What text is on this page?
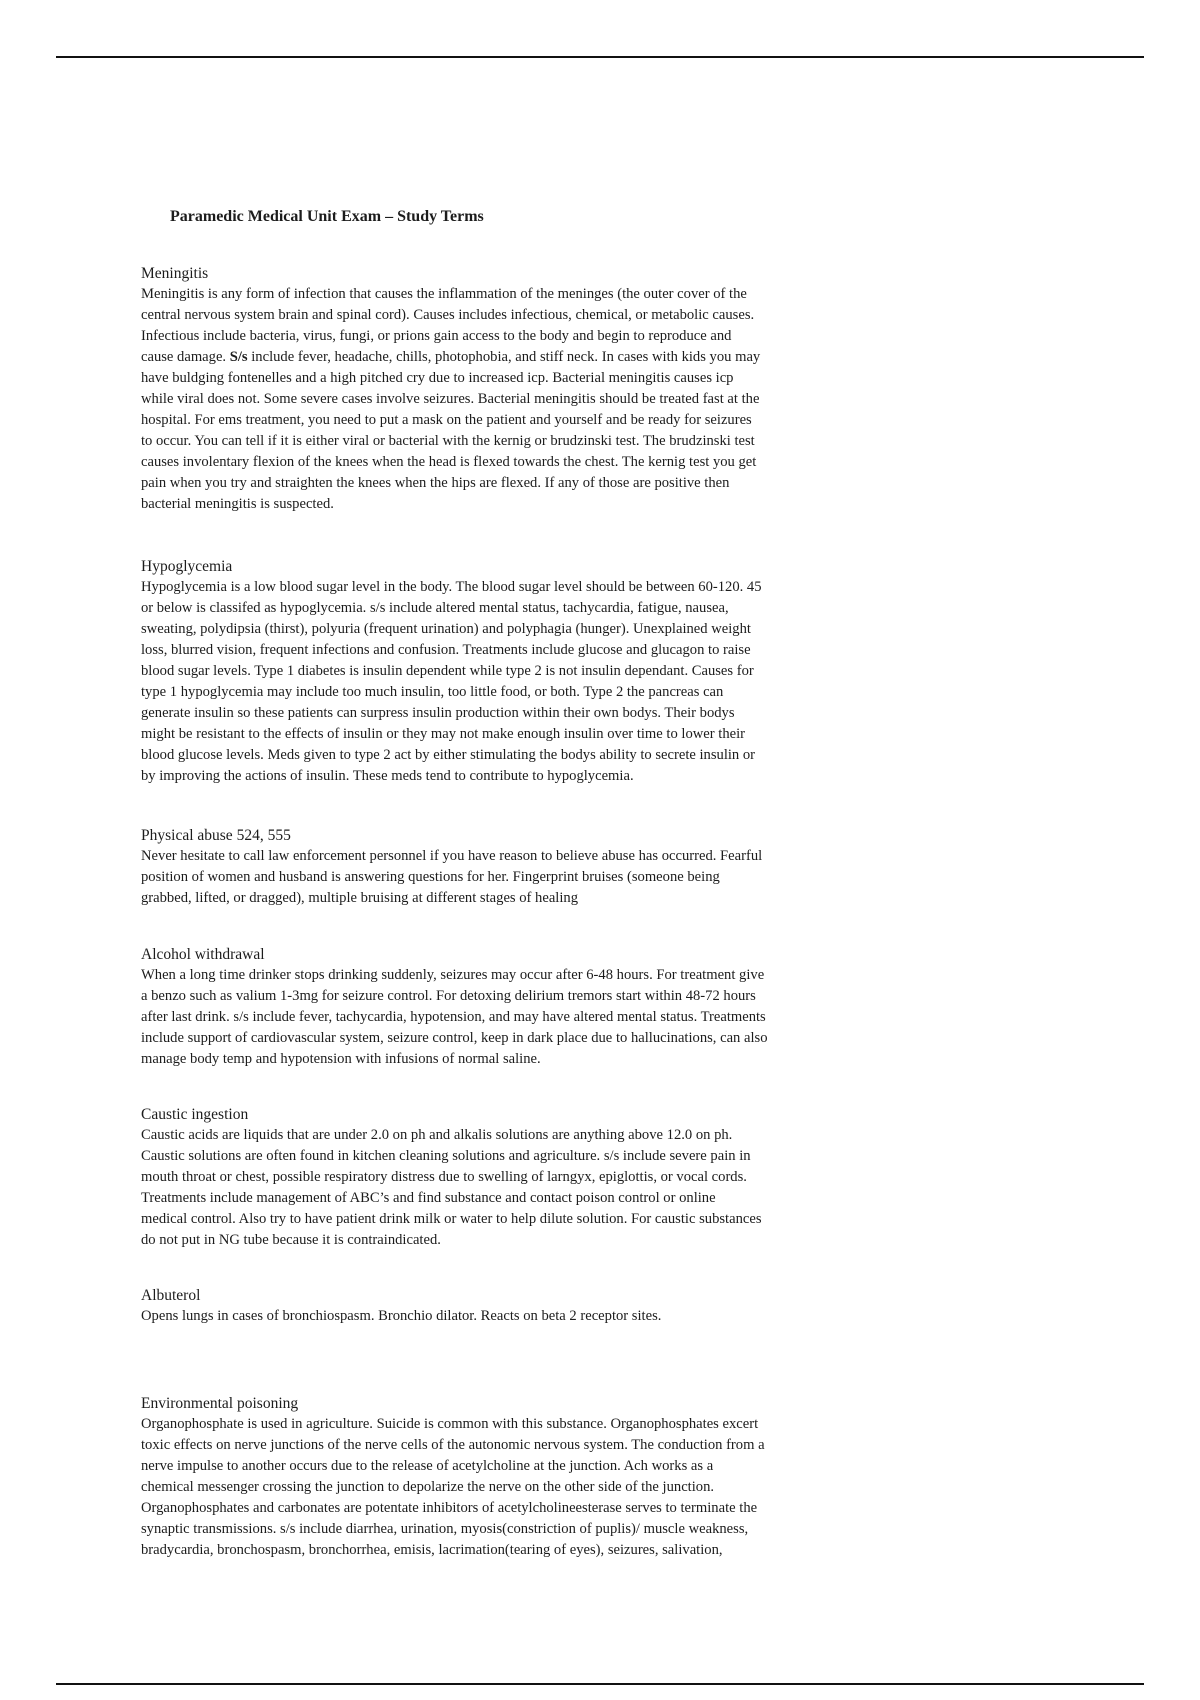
Paramedic Medical Unit Exam – Study Terms
Meningitis
Meningitis is any form of infection that causes the inflammation of the meninges (the outer cover of the
central nervous system brain and spinal cord). Causes includes infectious, chemical, or metabolic causes.
Infectious include bacteria, virus, fungi, or prions gain access to the body and begin to reproduce and
cause damage. S/s include fever, headache, chills, photophobia, and stiff neck. In cases with kids you may
have buldging fontenelles and a high pitched cry due to increased icp. Bacterial meningitis causes icp
while viral does not. Some severe cases involve seizures. Bacterial meningitis should be treated fast at the
hospital. For ems treatment, you need to put a mask on the patient and yourself and be ready for seizures
to occur. You can tell if it is either viral or bacterial with the kernig or brudzinski test. The brudzinski test
causes involentary flexion of the knees when the head is flexed towards the chest. The kernig test you get
pain when you try and straighten the knees when the hips are flexed. If any of those are positive then
bacterial meningitis is suspected.
Hypoglycemia
Hypoglycemia is a low blood sugar level in the body. The blood sugar level should be between 60-120. 45
or below is classifed as hypoglycemia. s/s include altered mental status, tachycardia, fatigue, nausea,
sweating, polydipsia (thirst), polyuria (frequent urination) and polyphagia (hunger). Unexplained weight
loss, blurred vision, frequent infections and confusion. Treatments include glucose and glucagon to raise
blood sugar levels. Type 1 diabetes is insulin dependent while type 2 is not insulin dependant. Causes for
type 1 hypoglycemia may include too much insulin, too little food, or both. Type 2 the pancreas can
generate insulin so these patients can surpress insulin production within their own bodys. Their bodys
might be resistant to the effects of insulin or they may not make enough insulin over time to lower their
blood glucose levels. Meds given to type 2 act by either stimulating the bodys ability to secrete insulin or
by improving the actions of insulin. These meds tend to contribute to hypoglycemia.
Physical abuse 524, 555
Never hesitate to call law enforcement personnel if you have reason to believe abuse has occurred. Fearful
position of women and husband is answering questions for her. Fingerprint bruises (someone being
grabbed, lifted, or dragged), multiple bruising at different stages of healing
Alcohol withdrawal
When a long time drinker stops drinking suddenly, seizures may occur after 6-48 hours. For treatment give
a benzo such as valium 1-3mg for seizure control. For detoxing delirium tremors start within 48-72 hours
after last drink. s/s include fever, tachycardia, hypotension, and may have altered mental status. Treatments
include support of cardiovascular system, seizure control, keep in dark place due to hallucinations, can also
manage body temp and hypotension with infusions of normal saline.
Caustic ingestion
Caustic acids are liquids that are under 2.0 on ph and alkalis solutions are anything above 12.0 on ph.
Caustic solutions are often found in kitchen cleaning solutions and agriculture. s/s include severe pain in
mouth throat or chest, possible respiratory distress due to swelling of larngyx, epiglottis, or vocal cords.
Treatments include management of ABC’s and find substance and contact poison control or online
medical control. Also try to have patient drink milk or water to help dilute solution. For caustic substances
do not put in NG tube because it is contraindicated.
Albuterol
Opens lungs in cases of bronchiospasm. Bronchio dilator. Reacts on beta 2 receptor sites.
Environmental poisoning
Organophosphate is used in agriculture. Suicide is common with this substance. Organophosphates excert
toxic effects on nerve junctions of the nerve cells of the autonomic nervous system. The conduction from a
nerve impulse to another occurs due to the release of acetylcholine at the junction. Ach works as a
chemical messenger crossing the junction to depolarize the nerve on the other side of the junction.
Organophosphates and carbonates are potentate inhibitors of acetylcholineesterase serves to terminate the
synaptic transmissions. s/s include diarrhea, urination, myosis(constriction of puplis)/ muscle weakness,
bradycardia, bronchospasm, bronchorrhea, emisis, lacrimation(tearing of eyes), seizures, salivation,
